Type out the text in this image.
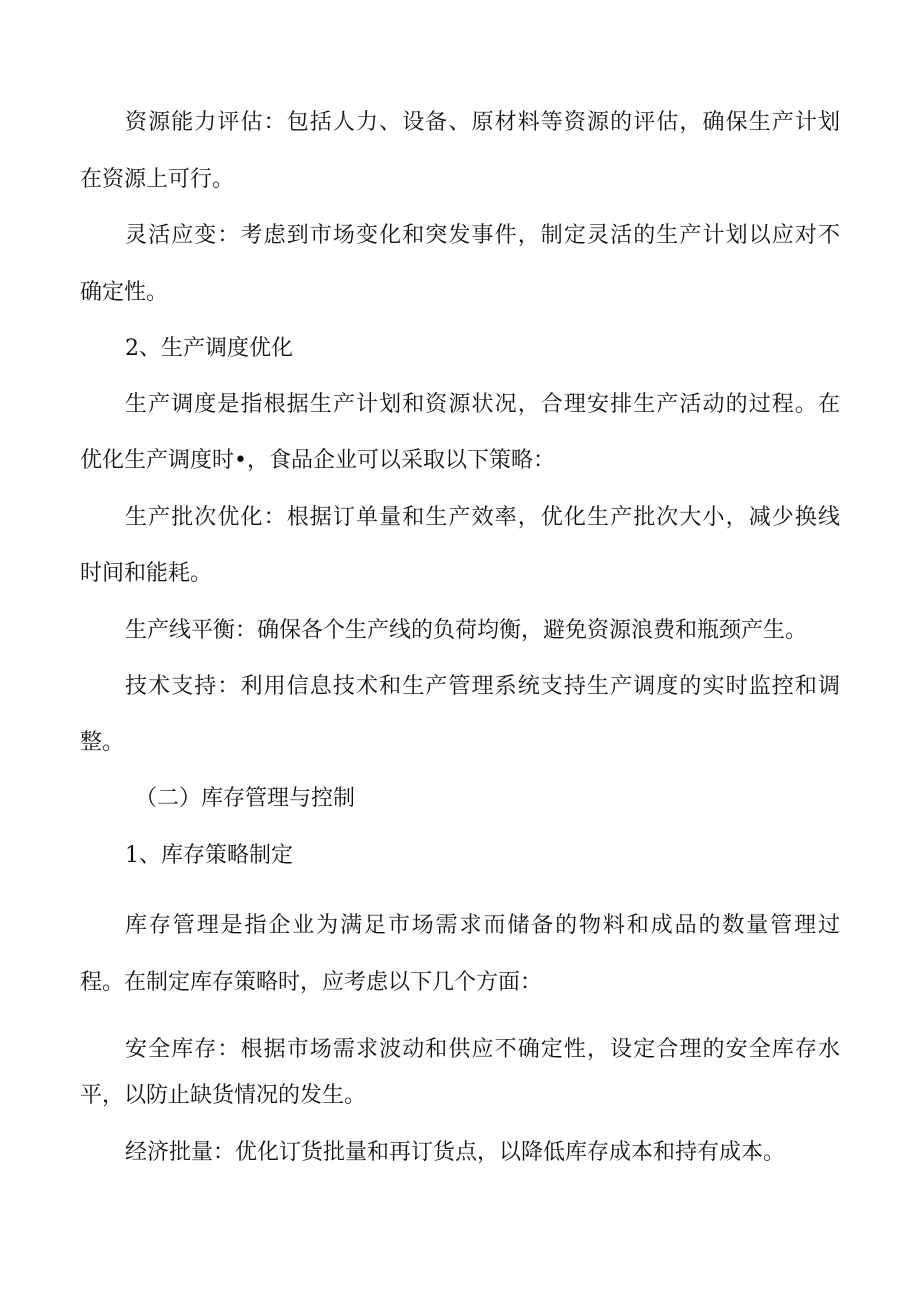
资源能力评估：包括人力、设备、原材料等资源的评估，确保生产计划
在资源上可行。
灵活应变：考虑到市场变化和突发事件，制定灵活的生产计划以应对不
确定性。
2、生产调度优化
生产调度是指根据生产计划和资源状况，合理安排生产活动的过程。在
优化生产调度时•，食品企业可以采取以下策略：
生产批次优化：根据订单量和生产效率，优化生产批次大小，减少换线
时间和能耗。
生产线平衡：确保各个生产线的负荷均衡，避免资源浪费和瓶颈产生。
技术支持：利用信息技术和生产管理系统支持生产调度的实时监控和调
整。
（二）库存管理与控制
1、库存策略制定
库存管理是指企业为满足市场需求而储备的物料和成品的数量管理过
程。在制定库存策略时，应考虑以下几个方面：
安全库存：根据市场需求波动和供应不确定性，设定合理的安全库存水
平，以防止缺货情况的发生。
经济批量：优化订货批量和再订货点，以降低库存成本和持有成本。
